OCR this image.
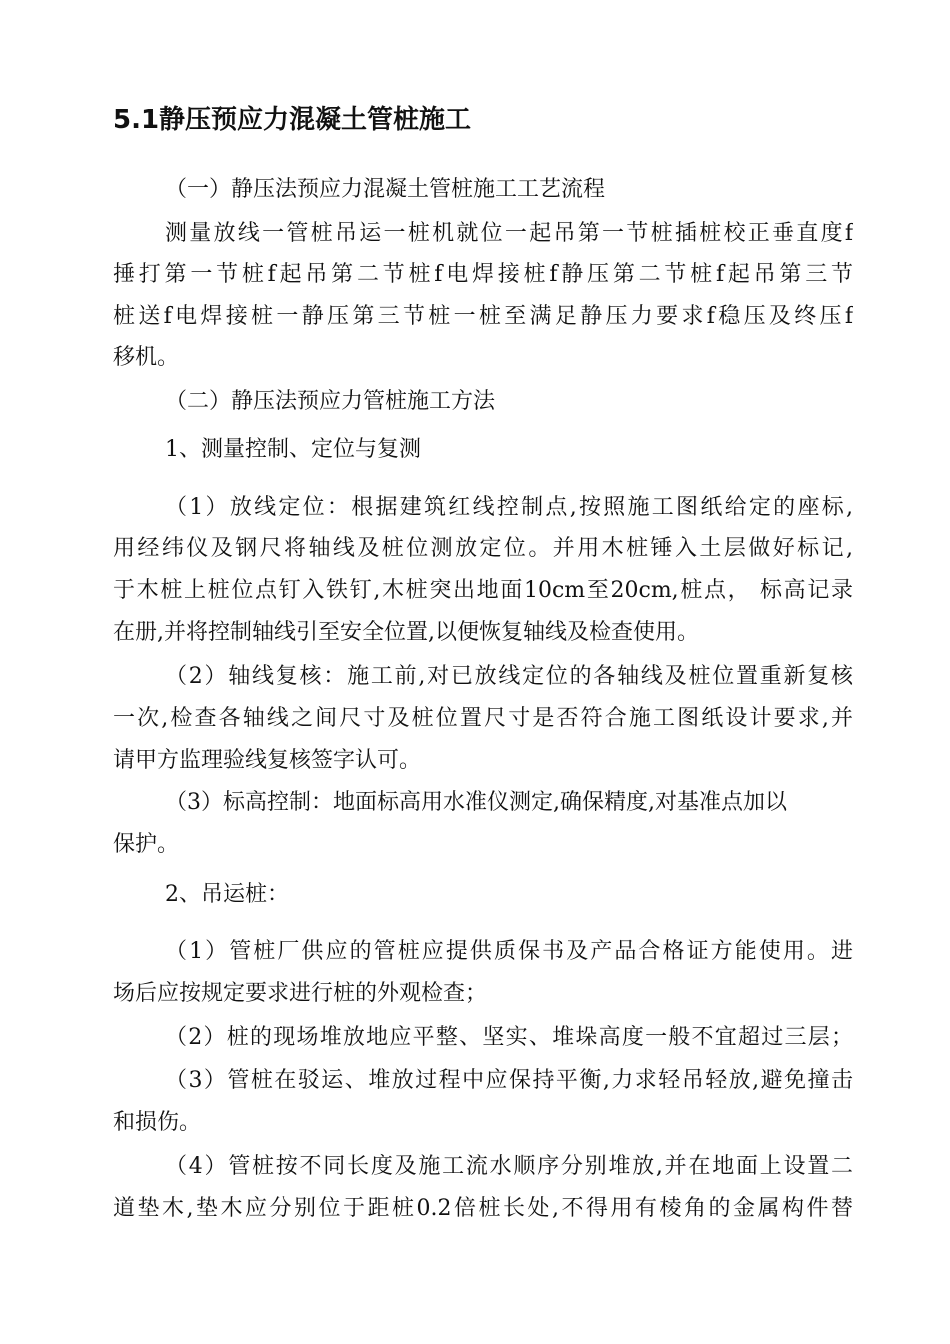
5.1静压预应力混凝土管桩施工
（一）静压法预应力混凝土管桩施工工艺流程
测量放线一管桩吊运一桩机就位一起吊第一节桩插桩校正垂直度f
捶打第一节桩f起吊第二节桩f电焊接桩f静压第二节桩f起吊第三节
桩送f电焊接桩一静压第三节桩一桩至满足静压力要求f稳压及终压f
移机。
（二）静压法预应力管桩施工方法
1、测量控制、定位与复测
（1）放线定位：根据建筑红线控制点,按照施工图纸给定的座标,
用经纬仪及钢尺将轴线及桩位测放定位。并用木桩锤入土层做好标记,
于木桩上桩位点钉入铁钉,木桩突出地面10cm至20cm,桩点， 标高记录
在册,并将控制轴线引至安全位置,以便恢复轴线及检查使用。
（2）轴线复核：施工前,对已放线定位的各轴线及桩位置重新复核
一次,检查各轴线之间尺寸及桩位置尺寸是否符合施工图纸设计要求,并
请甲方监理验线复核签字认可。
（3）标高控制：地面标高用水准仪测定,确保精度,对基准点加以
保护。
2、吊运桩：
（1）管桩厂供应的管桩应提供质保书及产品合格证方能使用。进
场后应按规定要求进行桩的外观检查；
（2）桩的现场堆放地应平整、坚实、堆垛高度一般不宜超过三层；
（3）管桩在驳运、堆放过程中应保持平衡,力求轻吊轻放,避免撞击
和损伤。
（4）管桩按不同长度及施工流水顺序分别堆放,并在地面上设置二
道垫木,垫木应分别位于距桩0.2倍桩长处,不得用有棱角的金属构件替
